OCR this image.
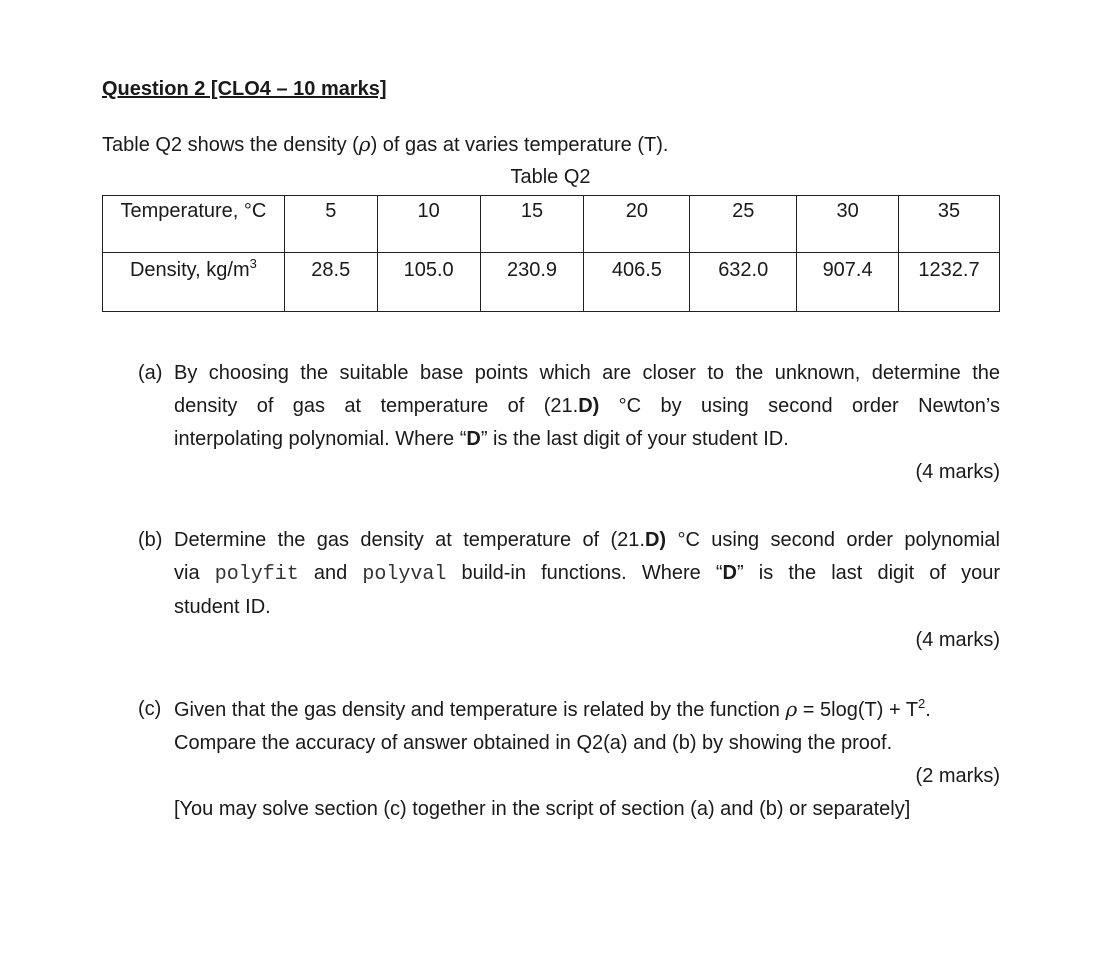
Question 2 [CLO4 – 10 marks]
Table Q2 shows the density (ρ) of gas at varies temperature (T).
Table Q2
Temperature, °C	5	10	15	20	25	30	35
Density, $kg/m^3$	28.5	105.0	230.9	406.5	632.0	907.4	1232.7
(a) By choosing the suitable base points which are closer to the unknown, determine the
density of gas at temperature of (21.D) °C by using second order Newton’s
interpolating polynomial. Where “D” is the last digit of your student ID.
(4 marks)
(b) Determine the gas density at temperature of (21.D) °C using second order polynomial
via polyfit and polyval build-in functions. Where “D” is the last digit of your
student ID.
(4 marks)
(c) Given that the gas density and temperature is related by the function $\rho = 5\log(T) + T^2$.
Compare the accuracy of answer obtained in Q2(a) and (b) by showing the proof.
(2 marks)
[You may solve section (c) together in the script of section (a) and (b) or separately]
